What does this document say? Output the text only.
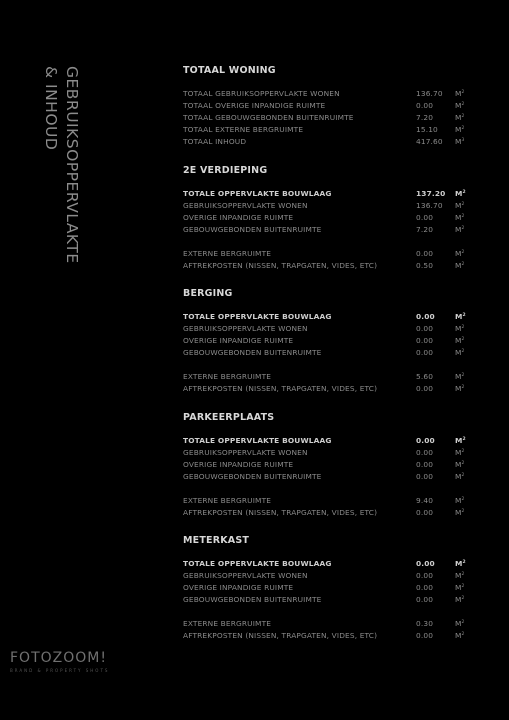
GEBRUIKSOPPERVLAKTE
& INHOUD	TOTAAL WONING
TOTAAL GEBRUIKSOPPERVLAKTE WONEN	136.70 $M^2$
TOTAAL OVERIGE INPANDIGE RUIMTE	0.00	$M^2$
TOTAAL GEBOUWGEBONDEN BUITENRUIMTE	7.20	$M^2$
TOTAAL EXTERNE BERGRUIMTE	15.10 $M^2$
TOTAAL INHOUD	417.60 $M^3$
2E VERDIEPING
TOTALE OPPERVLAKTE BOUWLAAG	137.20 $M^2$
GEBRUIKSOPPERVLAKTE WONEN	136.70 $M^2$
OVERIGE INPANDIGE RUIMTE	0.00	$M^2$
GEBOUWGEBONDEN BUITENRUIMTE	7.20	$M^2$
EXTERNE BERGRUIMTE	0.00	$M^2$
AFTREKPOSTEN (NISSEN, TRAPGATEN, VIDES, ETC)	0.50	$M^2$
BERGING
TOTALE OPPERVLAKTE BOUWLAAG	0.00	$M^2$
GEBRUIKSOPPERVLAKTE WONEN	0.00	$M^2$
OVERIGE INPANDIGE RUIMTE	0.00	$M^2$
GEBOUWGEBONDEN BUITENRUIMTE	0.00	$M^2$
EXTERNE BERGRUIMTE	5.60	$M^2$
AFTREKPOSTEN (NISSEN, TRAPGATEN, VIDES, ETC)	0.00	$M^2$
PARKEERPLAATS
TOTALE OPPERVLAKTE BOUWLAAG	0.00	$M^2$
GEBRUIKSOPPERVLAKTE WONEN	0.00	$M^2$
OVERIGE INPANDIGE RUIMTE	0.00	$M^2$
GEBOUWGEBONDEN BUITENRUIMTE	0.00	$M^2$
EXTERNE BERGRUIMTE	9.40	$M^2$
AFTREKPOSTEN (NISSEN, TRAPGATEN, VIDES, ETC)	0.00	$M^2$
METERKAST
TOTALE OPPERVLAKTE BOUWLAAG	0.00	$M^2$
GEBRUIKSOPPERVLAKTE WONEN	0.00	$M^2$
OVERIGE INPANDIGE RUIMTE	0.00	$M^2$
GEBOUWGEBONDEN BUITENRUIMTE	0.00	$M^2$
EXTERNE BERGRUIMTE	0.30	$M^2$
AFTREKPOSTEN (NISSEN, TRAPGATEN, VIDES, ETC)	0.00	$M^2$
FOTOZOOM!
BRAND & PROPERTY SHOTS
